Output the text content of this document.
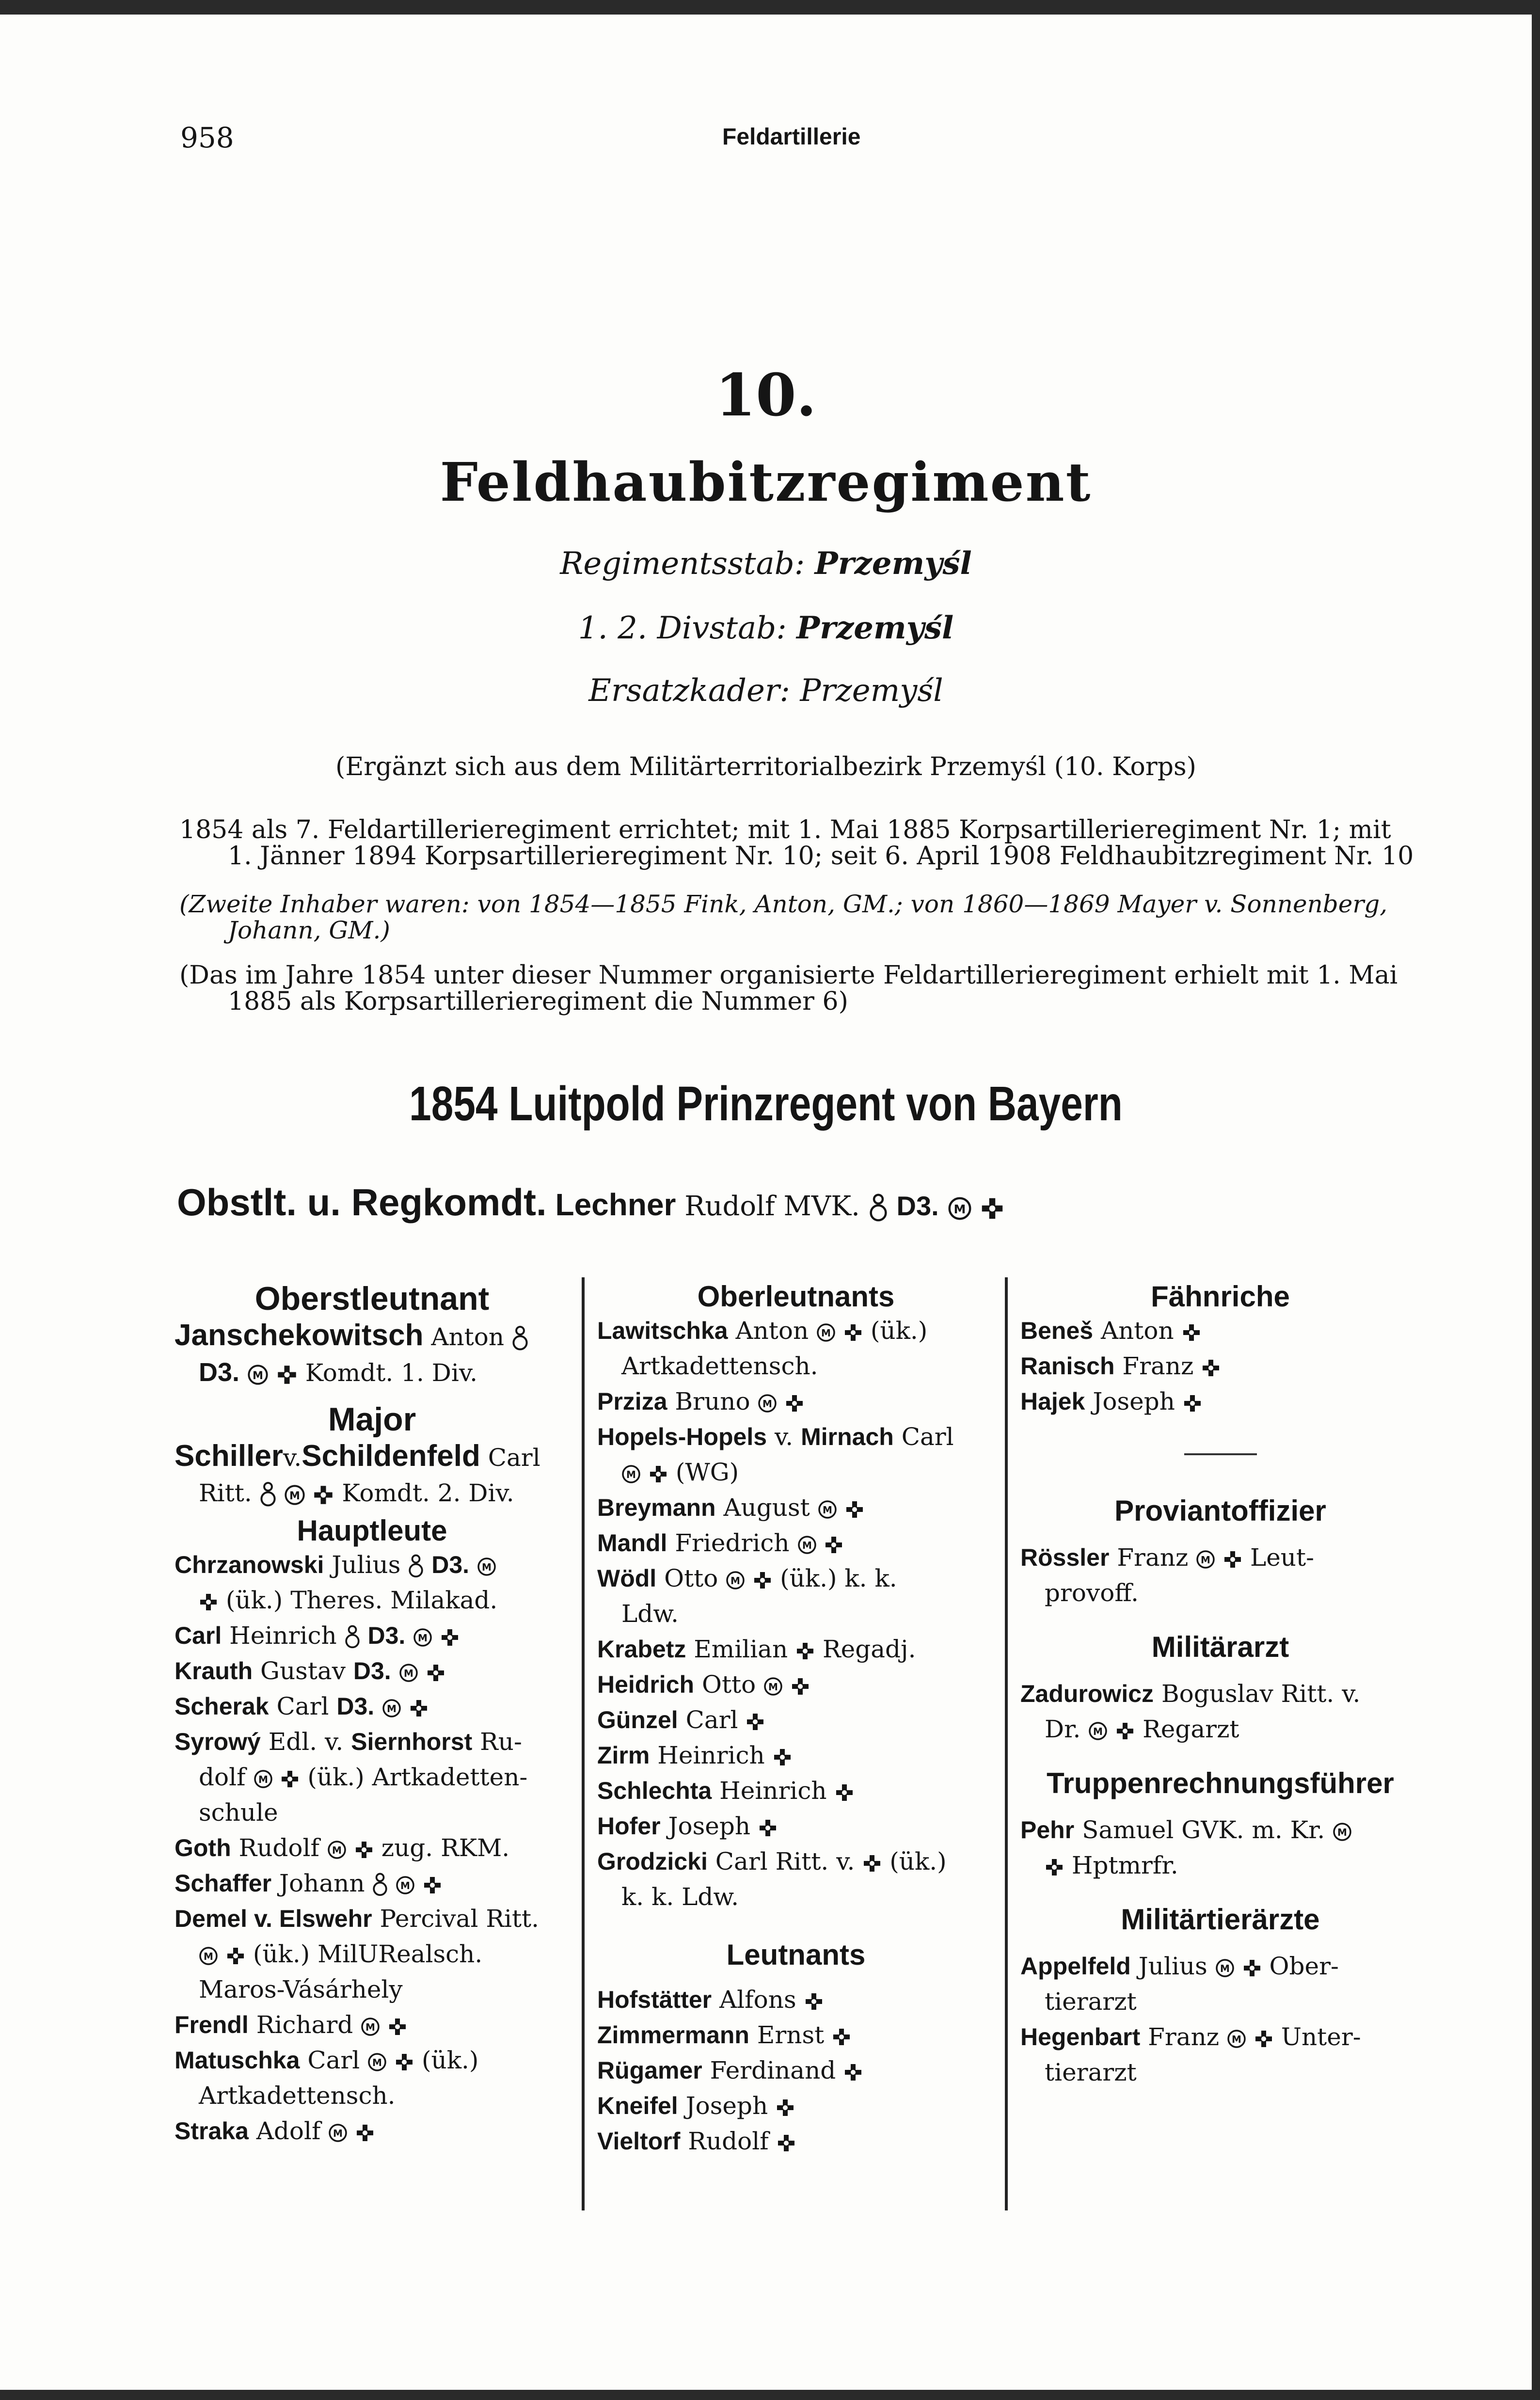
958	Feldartillerie
10.
Feldhaubitzregiment
Regimentsstab: Przemyśl
1. 2. Divstab: Przemyśl
Ersatzkader: Przemyśl
(Ergänzt sich aus dem Militärterritorialbezirk Przemyśl (10. Korps)
1854 als 7. Feldartillerieregiment errichtet; mit 1. Mai 1885 Korpsartillerieregiment Nr. 1; mit
1. Jänner 1894 Korpsartillerieregiment Nr. 10; seit 6. April 1908 Feldhaubitzregiment Nr. 10
(Zweite Inhaber waren: von 1854—1855 Fink, Anton, GM.; von 1860—1869 Mayer v. Sonnenberg,
Johann, GM.)
(Das im Jahre 1854 unter dieser Nummer organisierte Feldartillerieregiment erhielt mit 1. Mai
1885 als Korpsartillerieregiment die Nummer 6)
1854 Luitpold Prinzregent von Bayern
Obstlt. u. Regkomdt. Lechner Rudolf MVK. D3.
Oberstleutnant
Janschekowitsch Anton
D3.	Komdt. 1. Div.
Major
Schillerv.Schildenfeld Carl
Ritt.	Komdt. 2. Div.
Hauptleute
Chrzanowski Julius D3.
(ük.) Theres. Milakad.
Carl Heinrich D3.
Krauth Gustav D3.
Scherak Carl D3.
Syrowý Edl. v. Siernhorst Ru-
dolf	(ük.) Artkadetten-
schule
Goth Rudolf	zug. RKM.
Schaffer Johann
Demel v. Elswehr Percival Ritt.
(ük.) MilURealsch.
Maros-Vásárhely
Frendl Richard
Matuschka Carl	(ük.)
Artkadettensch.
Straka Adolf
Oberleutnants
Lawitschka Anton	(ük.)
Artkadettensch.
Prziza Bruno
Hopels-Hopels v. Mirnach Carl
(WG)
Breymann August
Mandl Friedrich
Wödl Otto	(ük.) k. k.
Ldw.
Krabetz Emilian Regadj.
Heidrich Otto
Günzel Carl
Zirm Heinrich
Schlechta Heinrich
Hofer Joseph
Grodzicki Carl Ritt. v. (ük.)
k. k. Ldw.
Leutnants
Hofstätter Alfons
Zimmermann Ernst
Rügamer Ferdinand
Kneifel Joseph
Vieltorf Rudolf
Fähnriche
Beneš Anton
Ranisch Franz
Hajek Joseph
Proviantoffizier
Rössler Franz	Leut-
provoff.
Militärarzt
Zadurowicz Boguslav Ritt. v.
Dr.	Regarzt
Truppenrechnungsführer
Pehr Samuel GVK. m. Kr.
Hptmrfr.
Militärtierärzte
Appelfeld Julius	Ober-
tierarzt
Hegenbart Franz	Unter-
tierarzt
